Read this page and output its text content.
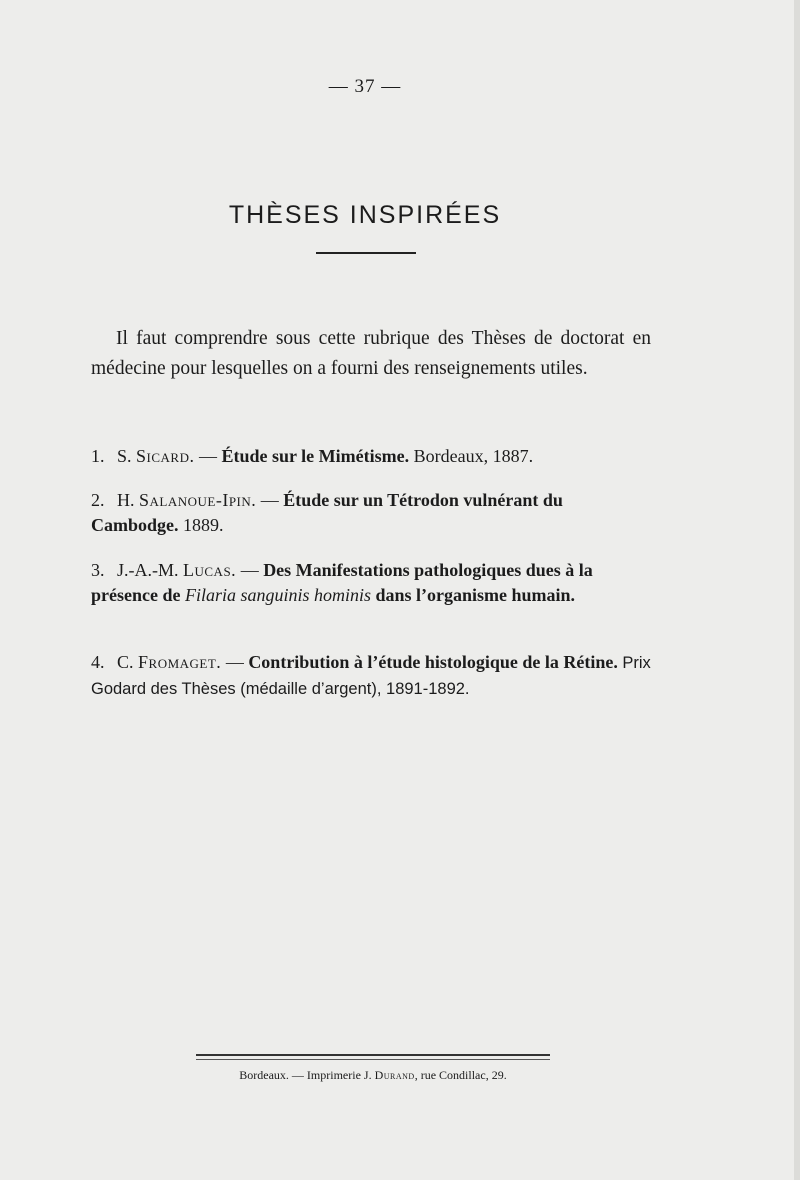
— 37 —
THÈSES INSPIRÉES

Il faut comprendre sous cette rubrique des Thèses de doctorat en médecine pour lesquelles on a fourni des renseignements utiles.

1. S. Sicard. — Étude sur le Mimétisme. Bordeaux, 1887.

2. H. Salanoue-Ipin. — Étude sur un Tétrodon vulnérant du Cambodge. 1889.

3. J.-A.-M. Lucas. — Des Manifestations pathologiques dues à la présence de Filaria sanguinis hominis dans l’organisme humain.

4. C. Fromaget. — Contribution à l’étude histologique de la Rétine. Prix Godard des Thèses (médaille d’argent), 1891-1892.

Bordeaux. — Imprimerie J. Durand, rue Condillac, 29.
